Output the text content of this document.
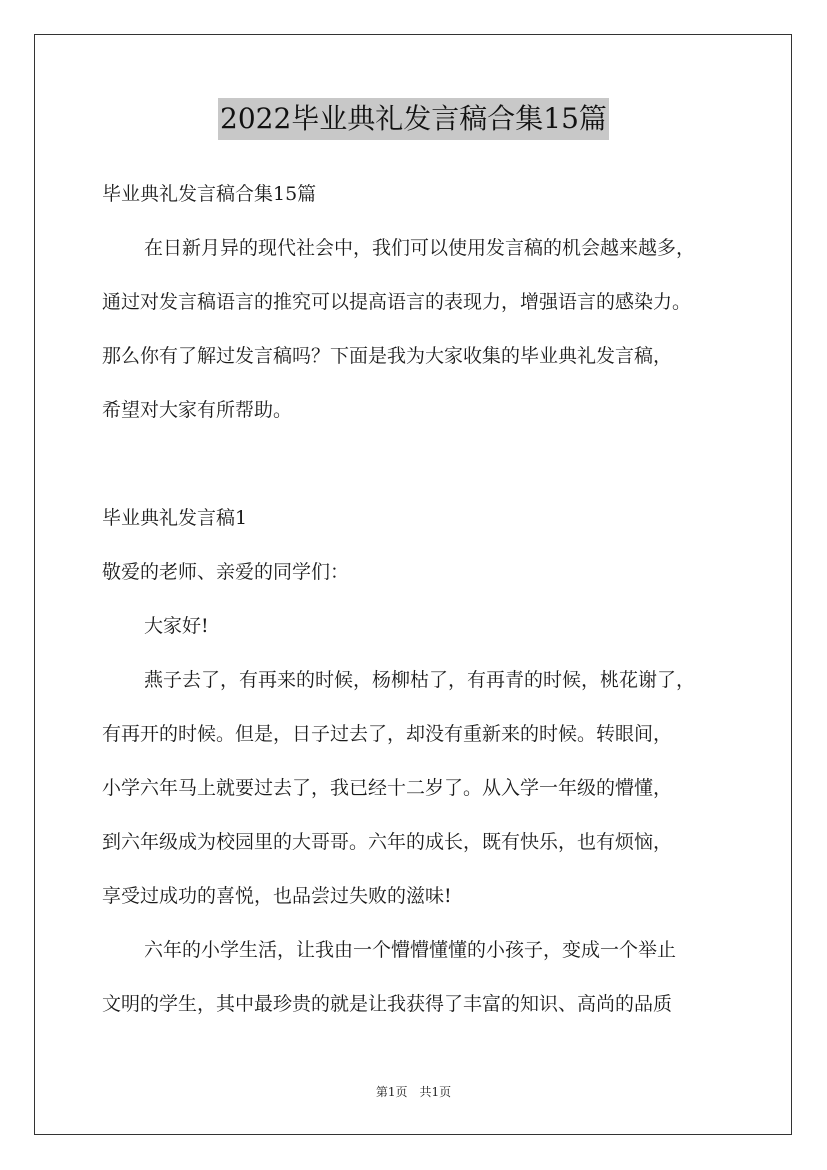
2022毕业典礼发言稿合集15篇
毕业典礼发言稿合集15篇
在日新月异的现代社会中，我们可以使用发言稿的机会越来越多，
通过对发言稿语言的推究可以提高语言的表现力，增强语言的感染力。
那么你有了解过发言稿吗？下面是我为大家收集的毕业典礼发言稿，
希望对大家有所帮助。
毕业典礼发言稿1
敬爱的老师、亲爱的同学们：
大家好!
燕子去了，有再来的时候，杨柳枯了，有再青的时候，桃花谢了，
有再开的时候。但是，日子过去了，却没有重新来的时候。转眼间，
小学六年马上就要过去了，我已经十二岁了。从入学一年级的懵懂，
到六年级成为校园里的大哥哥。六年的成长，既有快乐，也有烦恼，
享受过成功的喜悦，也品尝过失败的滋味!
六年的小学生活，让我由一个懵懵懂懂的小孩子，变成一个举止
文明的学生，其中最珍贵的就是让我获得了丰富的知识、高尚的品质
第1页　共1页
